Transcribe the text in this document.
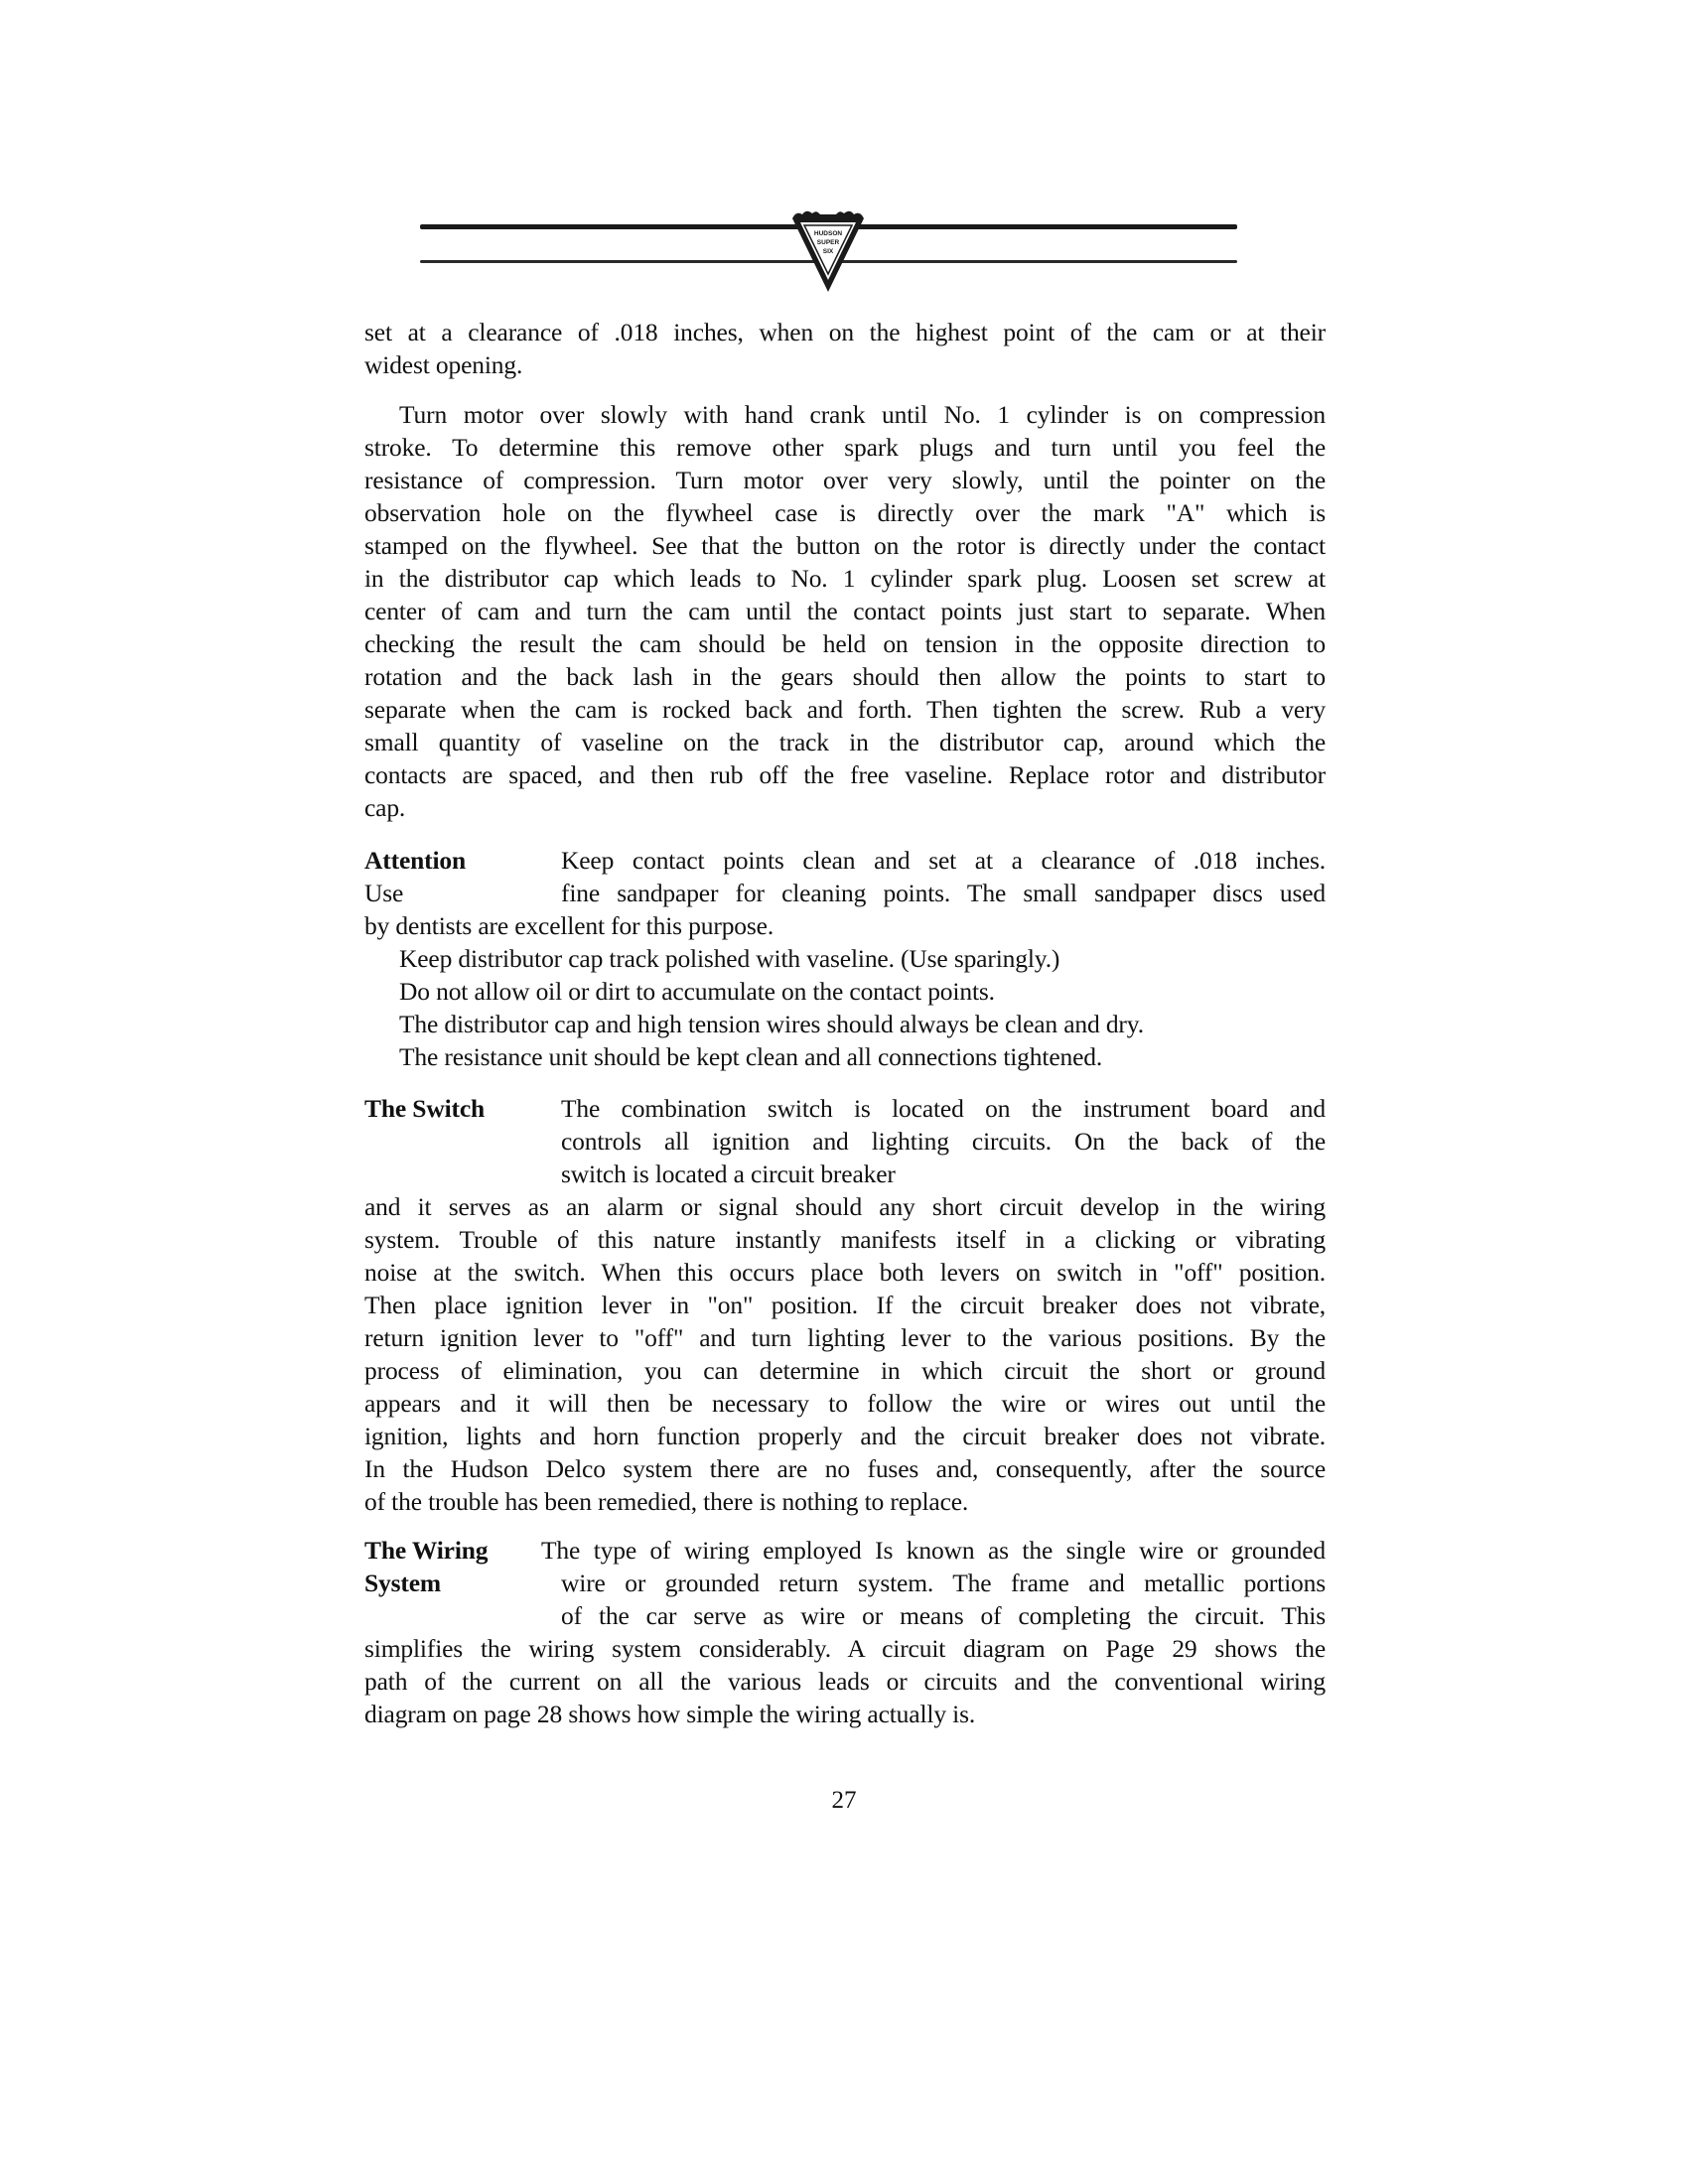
HUDSON
SUPER
SIX
set at a clearance of .018 inches, when on the highest point of the cam or at their
widest opening.
Turn motor over slowly with hand crank until No. 1 cylinder is on compression
stroke. To determine this remove other spark plugs and turn until you feel the
resistance of compression. Turn motor over very slowly, until the pointer on the
observation hole on the flywheel case is directly over the mark "A" which is
stamped on the flywheel. See that the button on the rotor is directly under the contact
in the distributor cap which leads to No. 1 cylinder spark plug. Loosen set screw at
center of cam and turn the cam until the contact points just start to separate. When
checking the result the cam should be held on tension in the opposite direction to
rotation and the back lash in the gears should then allow the points to start to
separate when the cam is rocked back and forth. Then tighten the screw. Rub a very
small quantity of vaseline on the track in the distributor cap, around which the
contacts are spaced, and then rub off the free vaseline. Replace rotor and distributor
cap.
Attention	Keep contact points clean and set at a clearance of .018 inches.
Use	fine sandpaper for cleaning points. The small sandpaper discs used
by dentists are excellent for this purpose.
Keep distributor cap track polished with vaseline. (Use sparingly.)
Do not allow oil or dirt to accumulate on the contact points.
The distributor cap and high tension wires should always be clean and dry.
The resistance unit should be kept clean and all connections tightened.
The Switch	The combination switch is located on the instrument board and
controls all ignition and lighting circuits. On the back of the
switch is located a circuit breaker
and it serves as an alarm or signal should any short circuit develop in the wiring
system. Trouble of this nature instantly manifests itself in a clicking or vibrating
noise at the switch. When this occurs place both levers on switch in "off" position.
Then place ignition lever in "on" position. If the circuit breaker does not vibrate,
return ignition lever to "off" and turn lighting lever to the various positions. By the
process of elimination, you can determine in which circuit the short or ground
appears and it will then be necessary to follow the wire or wires out until the
ignition, lights and horn function properly and the circuit breaker does not vibrate.
In the Hudson Delco system there are no fuses and, consequently, after the source
of the trouble has been remedied, there is nothing to replace.
The Wiring The type of wiring employed Is known as the single wire or grounded
System	wire or grounded return system. The frame and metallic portions
of the car serve as wire or means of completing the circuit. This
simplifies the wiring system considerably. A circuit diagram on Page 29 shows the
path of the current on all the various leads or circuits and the conventional wiring
diagram on page 28 shows how simple the wiring actually is.
27
